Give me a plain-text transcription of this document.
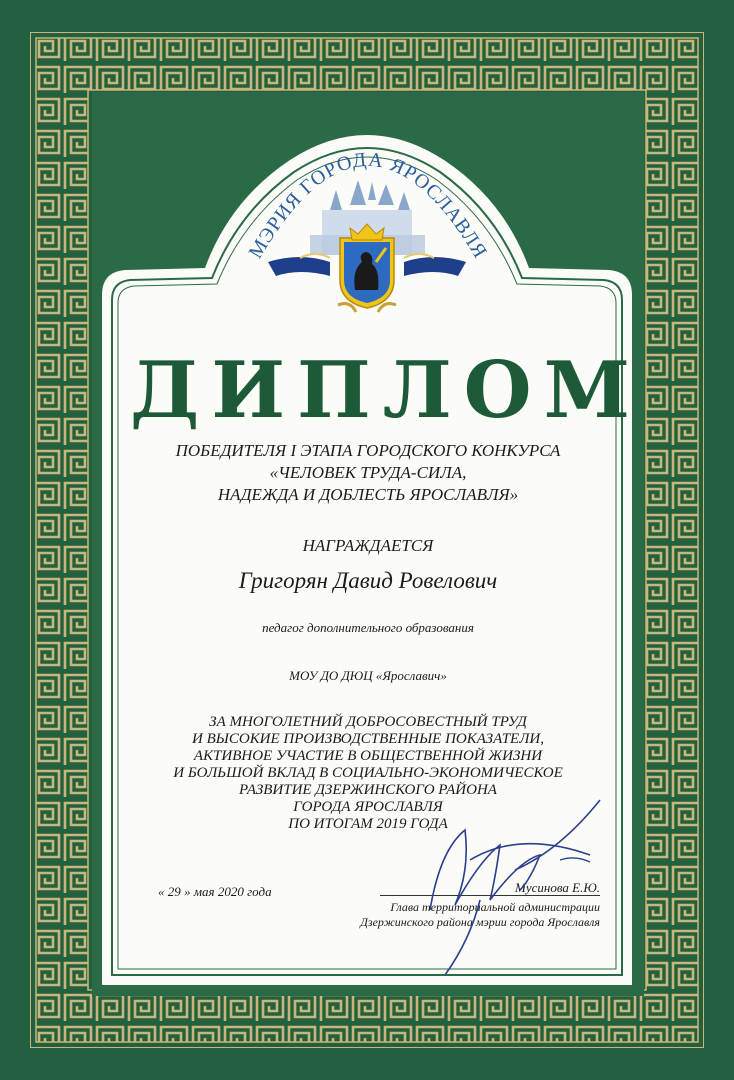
МЭРИЯ ГОРОДА ЯРОСЛАВЛЯ
ДИПЛОМ
ПОБЕДИТЕЛЯ I ЭТАПА ГОРОДСКОГО КОНКУРСА
«ЧЕЛОВЕК ТРУДА-СИЛА,
НАДЕЖДА И ДОБЛЕСТЬ ЯРОСЛАВЛЯ»
НАГРАЖДАЕТСЯ
Григорян Давид Ровелович
педагог дополнительного образования
МОУ ДО ДЮЦ «Ярославич»
ЗА МНОГОЛЕТНИЙ ДОБРОСОВЕСТНЫЙ ТРУД
И ВЫСОКИЕ ПРОИЗВОДСТВЕННЫЕ ПОКАЗАТЕЛИ,
АКТИВНОЕ УЧАСТИЕ В ОБЩЕСТВЕННОЙ ЖИЗНИ
И БОЛЬШОЙ ВКЛАД В СОЦИАЛЬНО-ЭКОНОМИЧЕСКОЕ
РАЗВИТИЕ ДЗЕРЖИНСКОГО РАЙОНА
ГОРОДА ЯРОСЛАВЛЯ
ПО ИТОГАМ 2019 ГОДА
« 29 » мая 2020 года	Мусинова Е.Ю.
Глава территориальной администрации
Дзержинского района мэрии города Ярославля
